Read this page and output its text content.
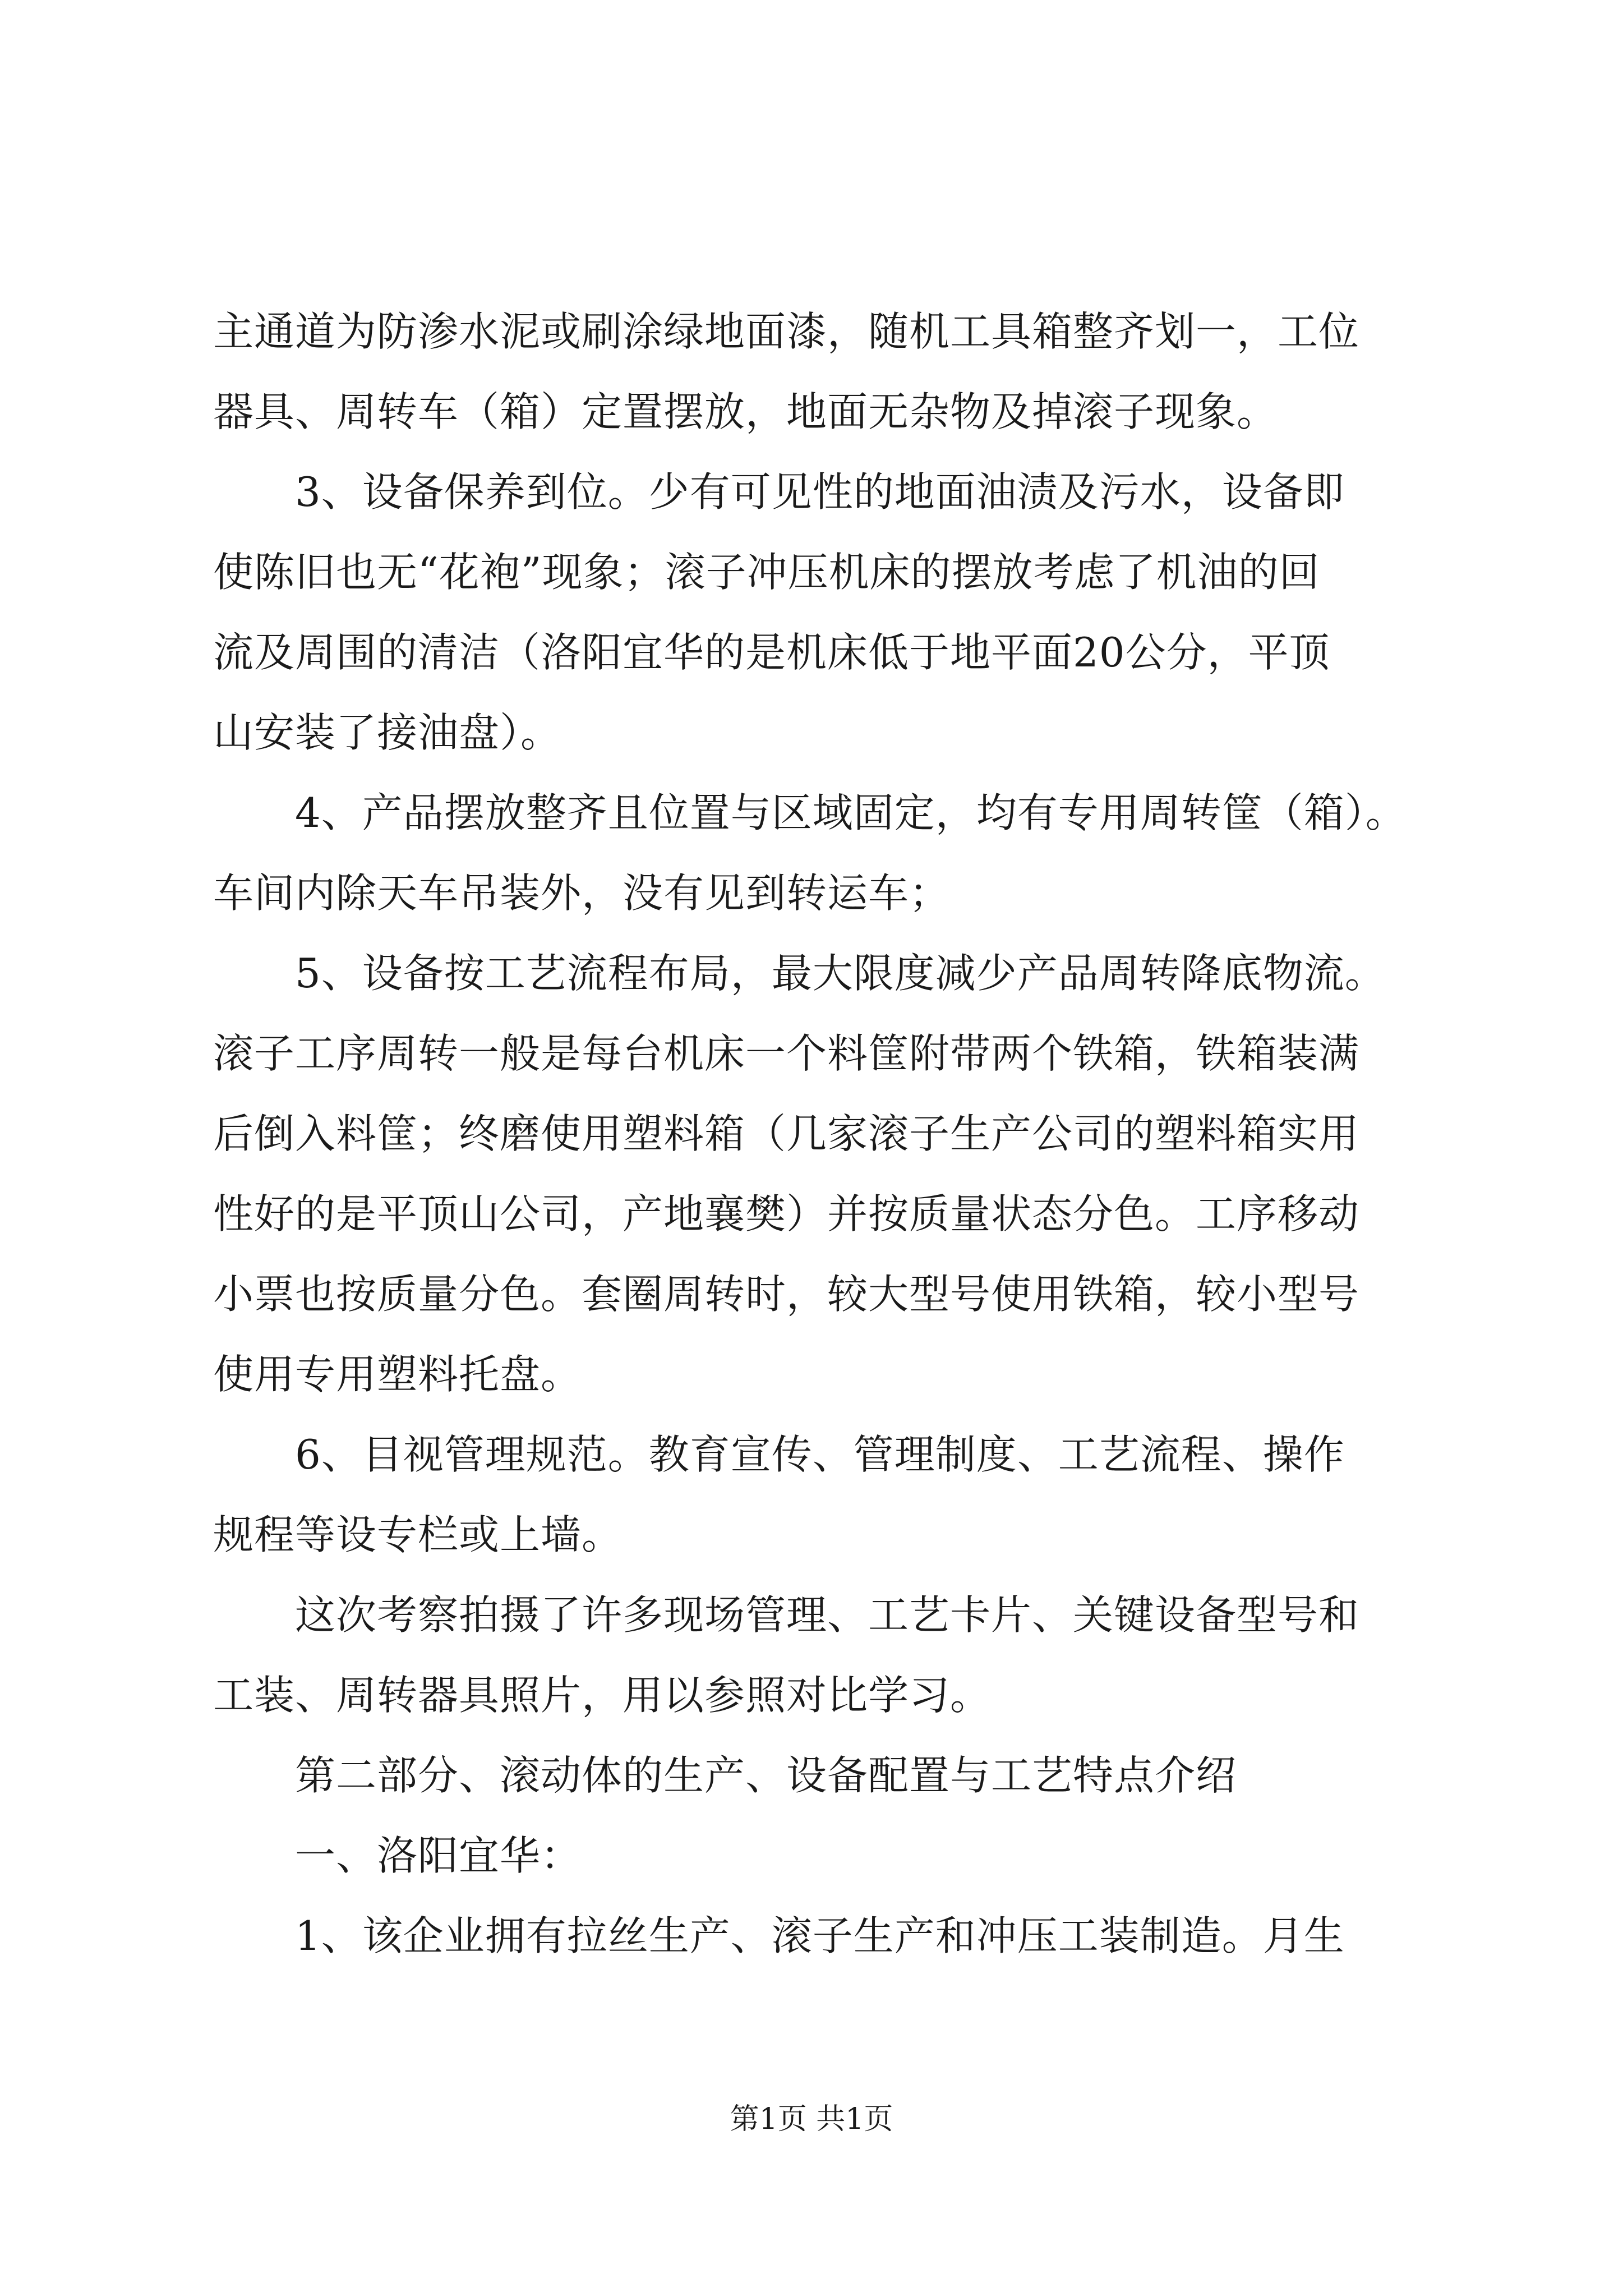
主通道为防渗水泥或刷涂绿地面漆，随机工具箱整齐划一，工位
器具、周转车（箱）定置摆放，地面无杂物及掉滚子现象。
　　3、设备保养到位。少有可见性的地面油渍及污水，设备即
使陈旧也无“花袍”现象；滚子冲压机床的摆放考虑了机油的回
流及周围的清洁（洛阳宜华的是机床低于地平面20公分，平顶
山安装了接油盘）。
　　4、产品摆放整齐且位置与区域固定，均有专用周转筐（箱）。
车间内除天车吊装外，没有见到转运车；
　　5、设备按工艺流程布局，最大限度减少产品周转降底物流。
滚子工序周转一般是每台机床一个料筐附带两个铁箱，铁箱装满
后倒入料筐；终磨使用塑料箱（几家滚子生产公司的塑料箱实用
性好的是平顶山公司，产地襄樊）并按质量状态分色。工序移动
小票也按质量分色。套圈周转时，较大型号使用铁箱，较小型号
使用专用塑料托盘。
　　6、目视管理规范。教育宣传、管理制度、工艺流程、操作
规程等设专栏或上墙。
　　这次考察拍摄了许多现场管理、工艺卡片、关键设备型号和
工装、周转器具照片，用以参照对比学习。
　　第二部分、滚动体的生产、设备配置与工艺特点介绍
　　一、洛阳宜华：
　　1、该企业拥有拉丝生产、滚子生产和冲压工装制造。月生
第1页 共1页
